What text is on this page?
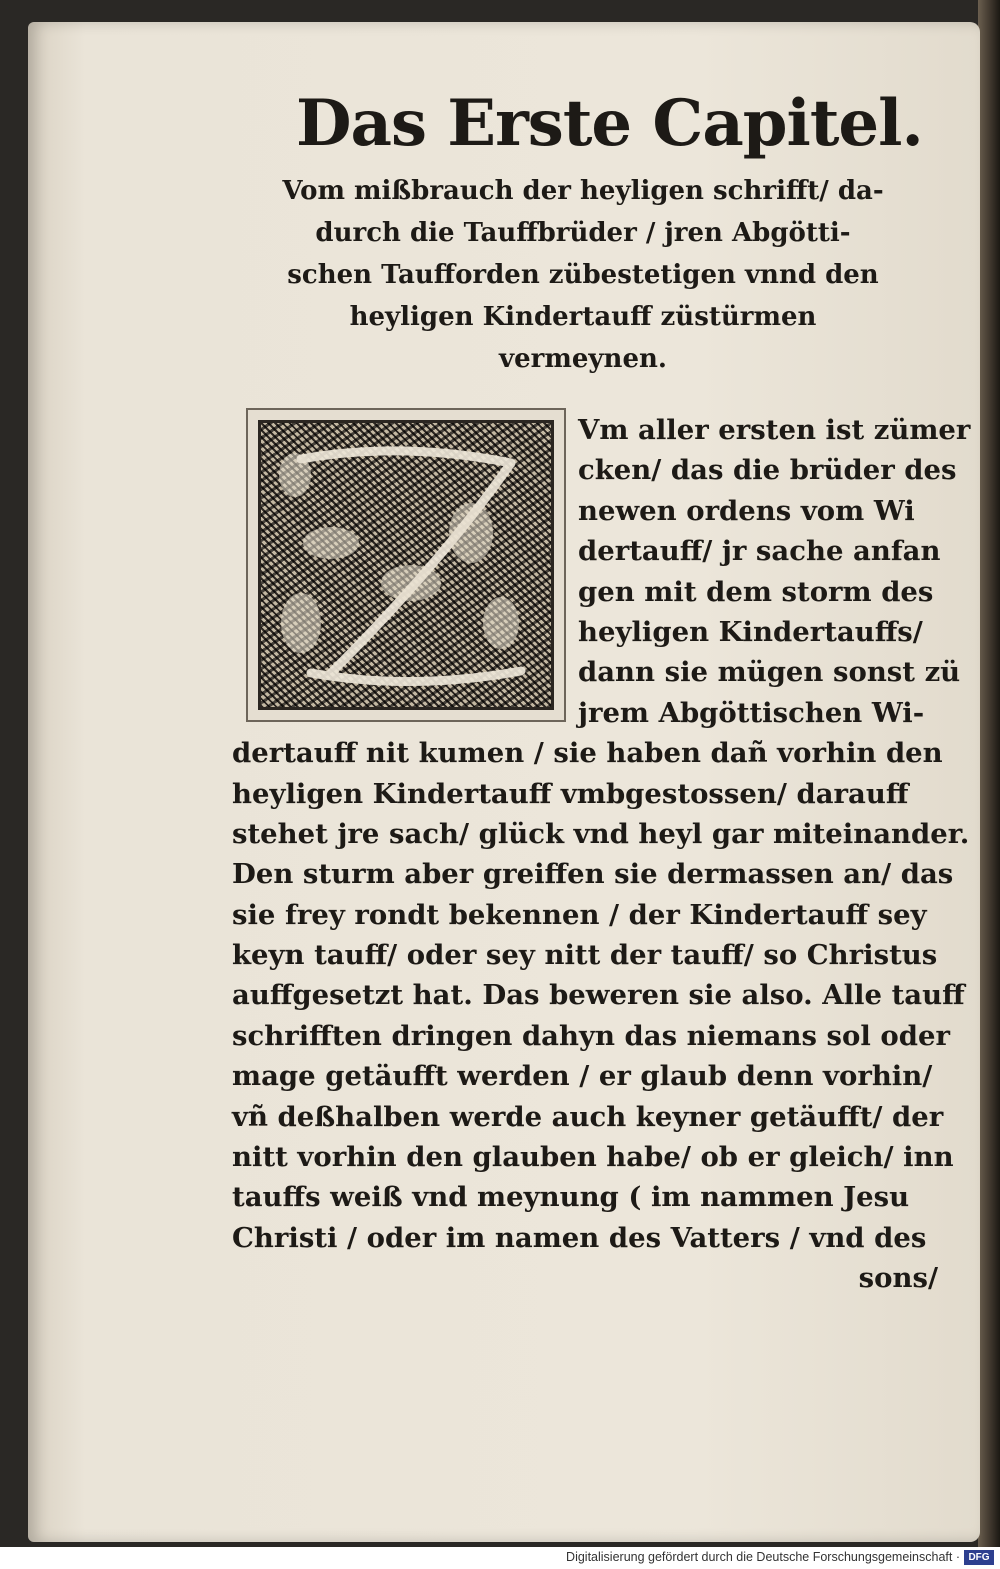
Das Erste Capitel.
Vom mißbrauch der heyligen schrifft/ da-
durch die Tauffbrüder / jren Abgötti-
schen Taufforden zübestetigen vnnd den
heyligen Kindertauff züstürmen
vermeynen.
Vm aller ersten ist zümer
cken/ das die brüder des
newen ordens vom Wi
dertauff/ jr sache anfan
gen mit dem storm des
heyligen Kindertauffs/
dann sie mügen sonst zü
jrem Abgöttischen Wi-
dertauff nit kumen / sie haben dañ vorhin den
heyligen Kindertauff vmbgestossen/ darauff
stehet jre sach/ glück vnd heyl gar miteinander.
Den sturm aber greiffen sie dermassen an/ das
sie frey rondt bekennen / der Kindertauff sey
keyn tauff/ oder sey nitt der tauff/ so Christus
auffgesetzt hat. Das beweren sie also. Alle tauff
schrifften dringen dahyn das niemans sol oder
mage getäufft werden / er glaub denn vorhin/
vñ deßhalben werde auch keyner getäufft/ der
nitt vorhin den glauben habe/ ob er gleich/ inn
tauffs weiß vnd meynung ( im nammen Jesu
Christi / oder im namen des Vatters / vnd des
sons/
Digitalisierung gefördert durch die Deutsche Forschungsgemeinschaft · DFG
